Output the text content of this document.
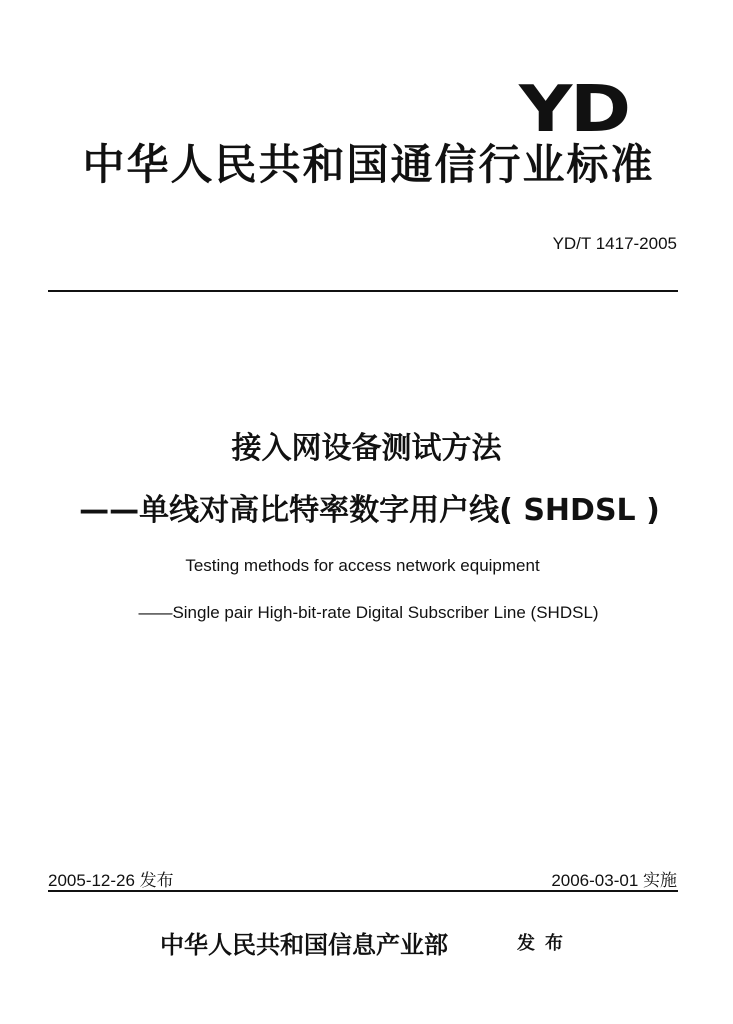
YD
中华人民共和国通信行业标准
YD/T 1417-2005
接入网设备测试方法
——单线对高比特率数字用户线( SHDSL )
Testing methods for access network equipment
——Single pair High-bit-rate Digital Subscriber Line (SHDSL)
2005-12-26 发布	2006-03-01 实施
中华人民共和国信息产业部	发布
